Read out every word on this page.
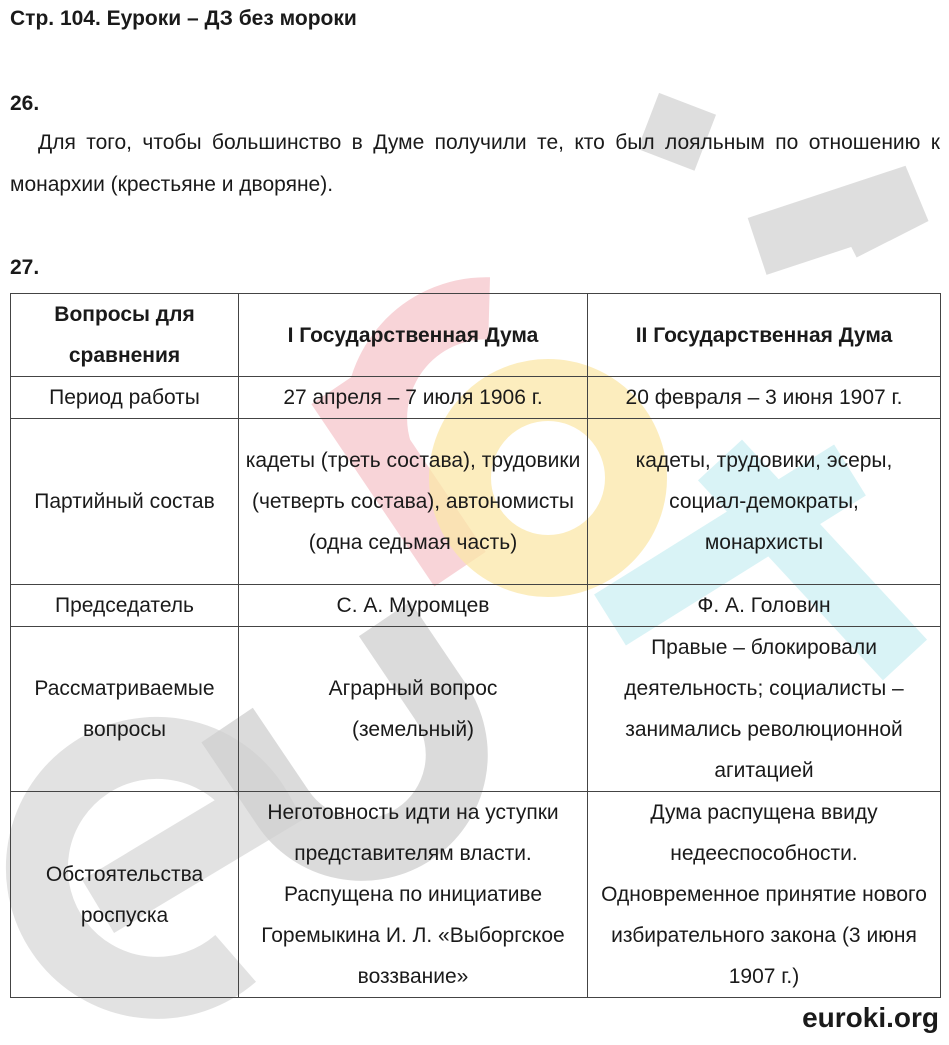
Стр. 104. Еуроки – ДЗ без мороки
26.
Для того, чтобы большинство в Думе получили те, кто был лояльным по отношению к монархии (крестьяне и дворяне).
27.
Вопросы для сравнения	I Государственная Дума	II Государственная Дума
Период работы	27 апреля – 7 июля 1906 г.	20 февраля – 3 июня 1907 г.
Партийный состав	кадеты (треть состава), трудовики (четверть состава), автономисты (одна седьмая часть)	кадеты, трудовики, эсеры, социал-демократы, монархисты
Председатель	С. А. Муромцев	Ф. А. Головин
Рассматриваемые вопросы	Аграрный вопрос (земельный)	Правые – блокировали деятельность; социалисты – занимались революционной агитацией
Обстоятельства роспуска	Неготовность идти на уступки представителям власти. Распущена по инициативе Горемыкина И. Л. «Выборгское воззвание»	Дума распущена ввиду недееспособности. Одновременное принятие нового избирательного закона (3 июня 1907 г.)
euroki.org
